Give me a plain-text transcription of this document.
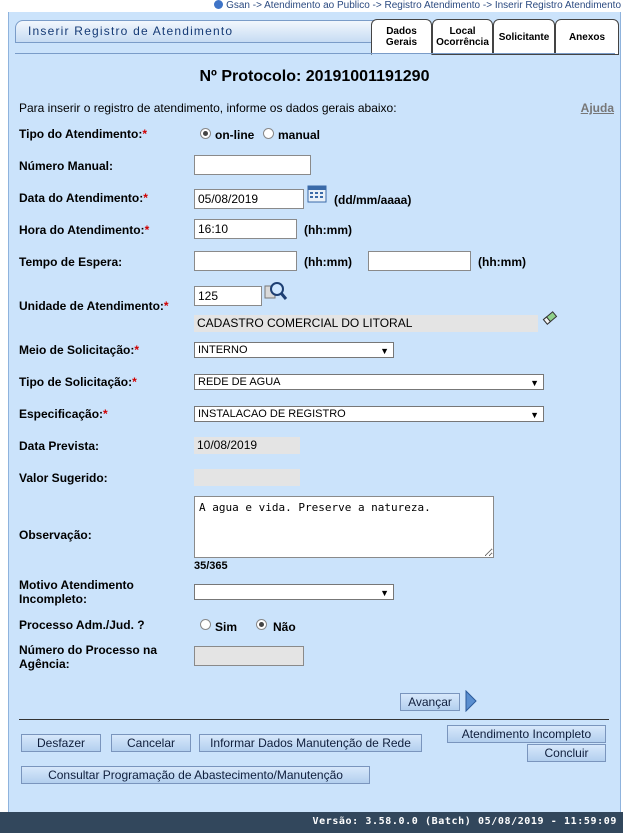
Gsan -> Atendimento ao Publico -> Registro Atendimento -> Inserir Registro Atendimento
Inserir Registro de Atendimento	Dados
Gerais
Local
Ocorrência Solicitante Anexos
Nº Protocolo: 20191001191290
Para inserir o registro de atendimento, informe os dados gerais abaixo:	Ajuda
Tipo do Atendimento:*	on-line manual
Número Manual:
Data do Atendimento:*	05/08/2019	(dd/mm/aaaa)
Hora do Atendimento:*	16:10	(hh:mm)
Tempo de Espera:	(hh:mm)	(hh:mm)
Unidade de Atendimento:*
125
CADASTRO COMERCIAL DO LITORAL
Meio de Solicitação:*	INTERNO	▼
Tipo de Solicitação:*	REDE DE AGUA	▼
Especificação:*	INSTALACAO DE REGISTRO	▼
Data Prevista:	10/08/2019
Valor Sugerido:
Observação:
A agua e vida. Preserve a natureza.
35/365
Motivo Atendimento
Incompleto:	▼
Processo Adm./Jud. ?	Sim	Não
Número do Processo na
Agência:
Avançar
Desfazer	Cancelar	Informar Dados Manutenção de Rede
Atendimento Incompleto
Concluir
Consultar Programação de Abastecimento/Manutenção
Versão: 3.58.0.0 (Batch) 05/08/2019 - 11:59:09
